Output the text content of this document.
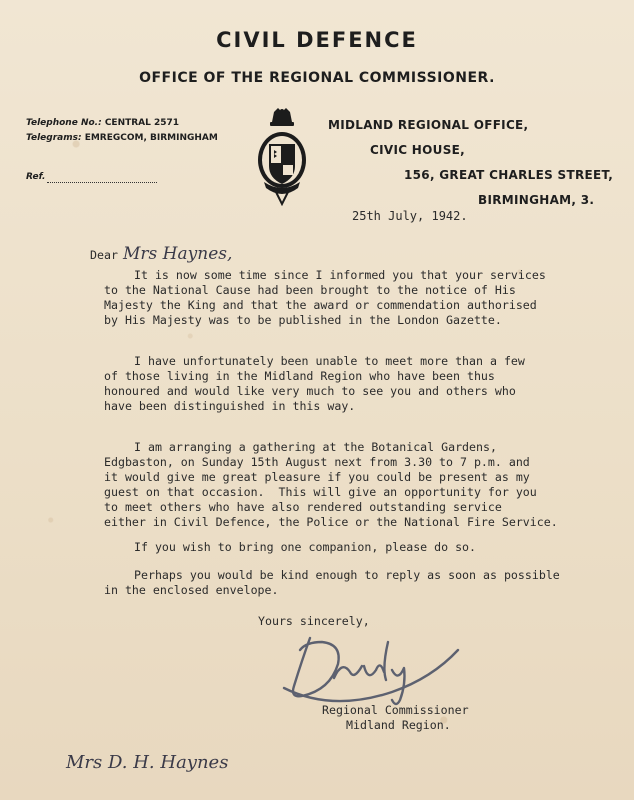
CIVIL DEFENCE
OFFICE OF THE REGIONAL COMMISSIONER.
Telephone No.: CENTRAL 2571
Telegrams: EMREGCOM, BIRMINGHAM
Ref.
MIDLAND REGIONAL OFFICE,
CIVIC HOUSE,
156, GREAT CHARLES STREET,
BIRMINGHAM, 3.
25th July, 1942.
Dear Mrs Haynes,
It is now some time since I informed you that your services
to the National Cause had been brought to the notice of His
Majesty the King and that the award or commendation authorised
by His Majesty was to be published in the London Gazette.
I have unfortunately been unable to meet more than a few
of those living in the Midland Region who have been thus
honoured and would like very much to see you and others who
have been distinguished in this way.
I am arranging a gathering at the Botanical Gardens,
Edgbaston, on Sunday 15th August next from 3.30 to 7 p.m. and
it would give me great pleasure if you could be present as my
guest on that occasion.  This will give an opportunity for you
to meet others who have also rendered outstanding service
either in Civil Defence, the Police or the National Fire Service.
If you wish to bring one companion, please do so.
Perhaps you would be kind enough to reply as soon as possible
in the enclosed envelope.
Yours sincerely,
Regional Commissioner
Midland Region.
Mrs D. H. Haynes
